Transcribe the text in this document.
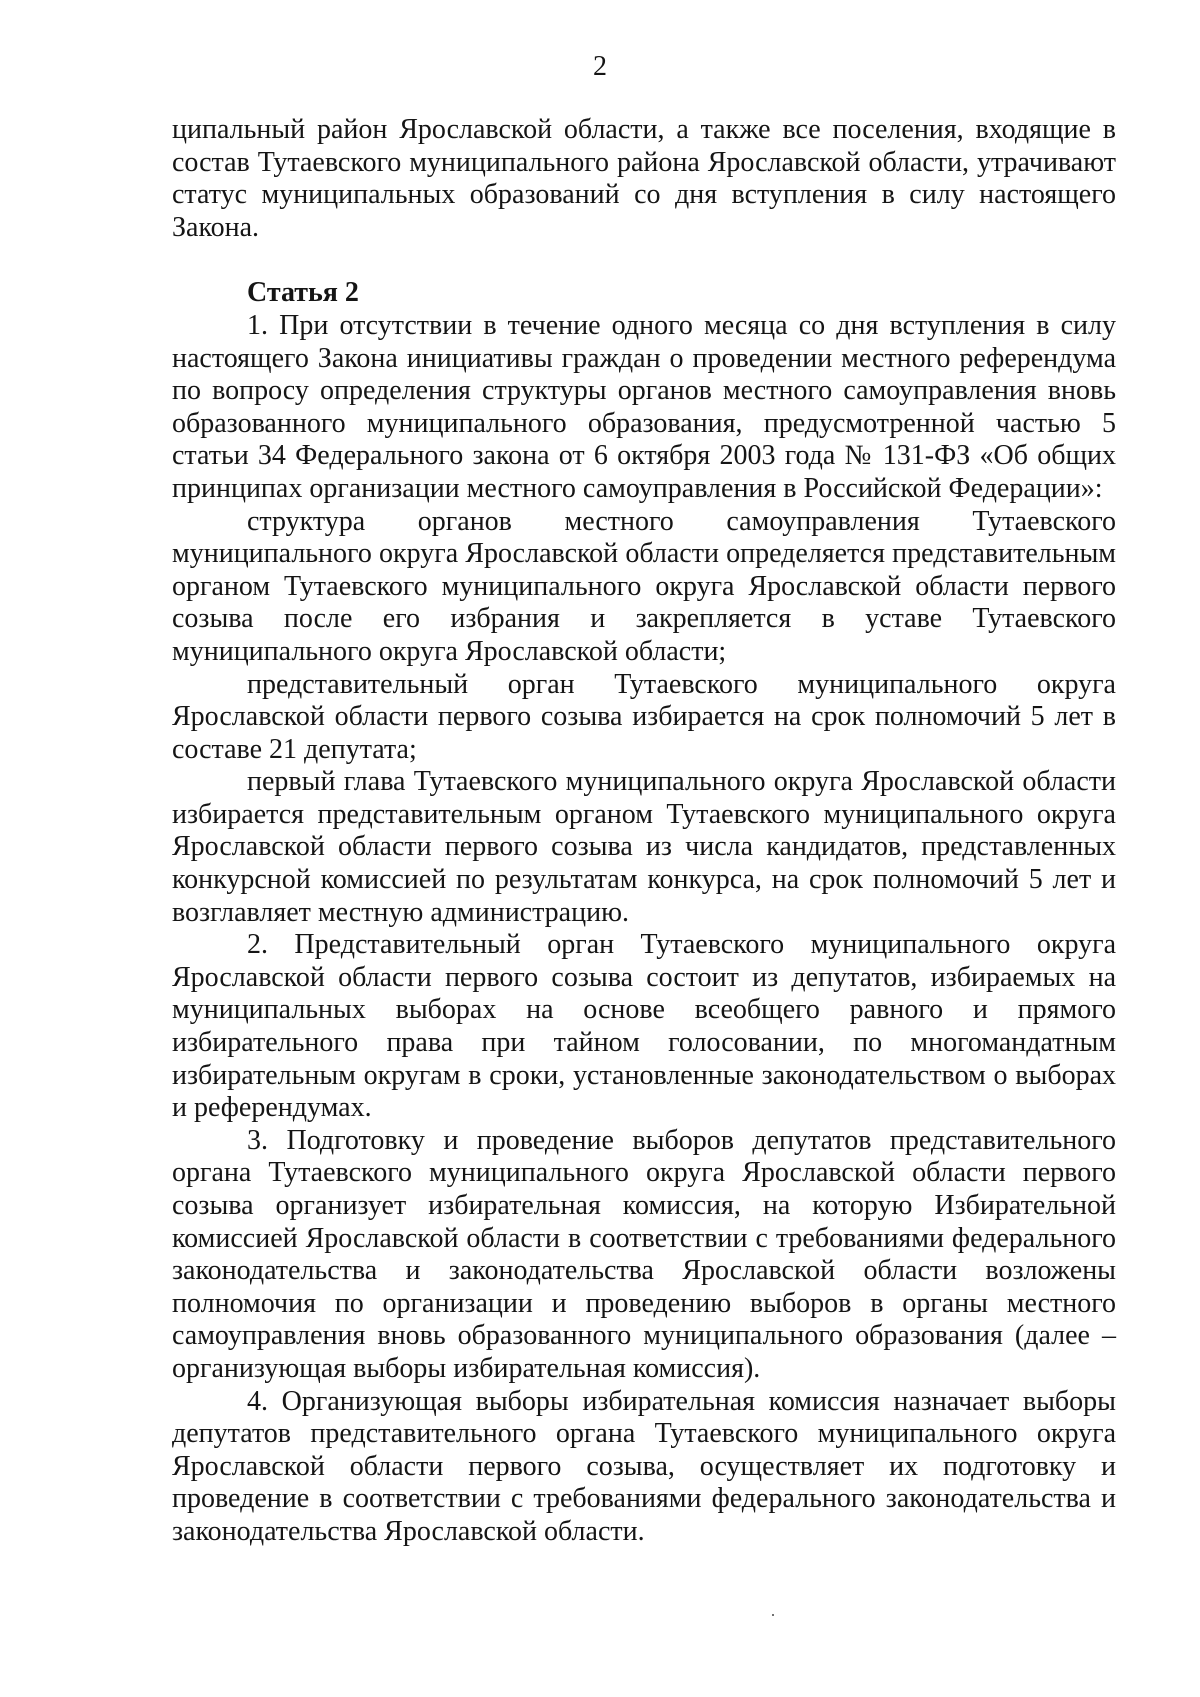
2

ципальный район Ярославской области, а также все поселения, входящие в состав Тутаевского муниципального района Ярославской области, утрачивают статус муниципальных образований со дня вступления в силу настоящего Закона.

Статья 2

1. При отсутствии в течение одного месяца со дня вступления в силу настоящего Закона инициативы граждан о проведении местного референдума по вопросу определения структуры органов местного самоуправления вновь образованного муниципального образования, предусмотренной частью 5 статьи 34 Федерального закона от 6 октября 2003 года № 131-ФЗ «Об общих принципах организации местного самоуправления в Российской Федерации»:

структура органов местного самоуправления Тутаевского муниципального округа Ярославской области определяется представительным органом Тутаевского муниципального округа Ярославской области первого созыва после его избрания и закрепляется в уставе Тутаевского муниципального округа Ярославской области;

представительный орган Тутаевского муниципального округа Ярославской области первого созыва избирается на срок полномочий 5 лет в составе 21 депутата;

первый глава Тутаевского муниципального округа Ярославской области избирается представительным органом Тутаевского муниципального округа Ярославской области первого созыва из числа кандидатов, представленных конкурсной комиссией по результатам конкурса, на срок полномочий 5 лет и возглавляет местную администрацию.

2. Представительный орган Тутаевского муниципального округа Ярославской области первого созыва состоит из депутатов, избираемых на муниципальных выборах на основе всеобщего равного и прямого избирательного права при тайном голосовании, по многомандатным избирательным округам в сроки, установленные законодательством о выборах и референдумах.

3. Подготовку и проведение выборов депутатов представительного органа Тутаевского муниципального округа Ярославской области первого созыва организует избирательная комиссия, на которую Избирательной комиссией Ярославской области в соответствии с требованиями федерального законодательства и законодательства Ярославской области возложены полномочия по организации и проведению выборов в органы местного самоуправления вновь образованного муниципального образования (далее – организующая выборы избирательная комиссия).

4. Организующая выборы избирательная комиссия назначает выборы депутатов представительного органа Тутаевского муниципального округа Ярославской области первого созыва, осуществляет их подготовку и проведение в соответствии с требованиями федерального законодательства и законодательства Ярославской области.
